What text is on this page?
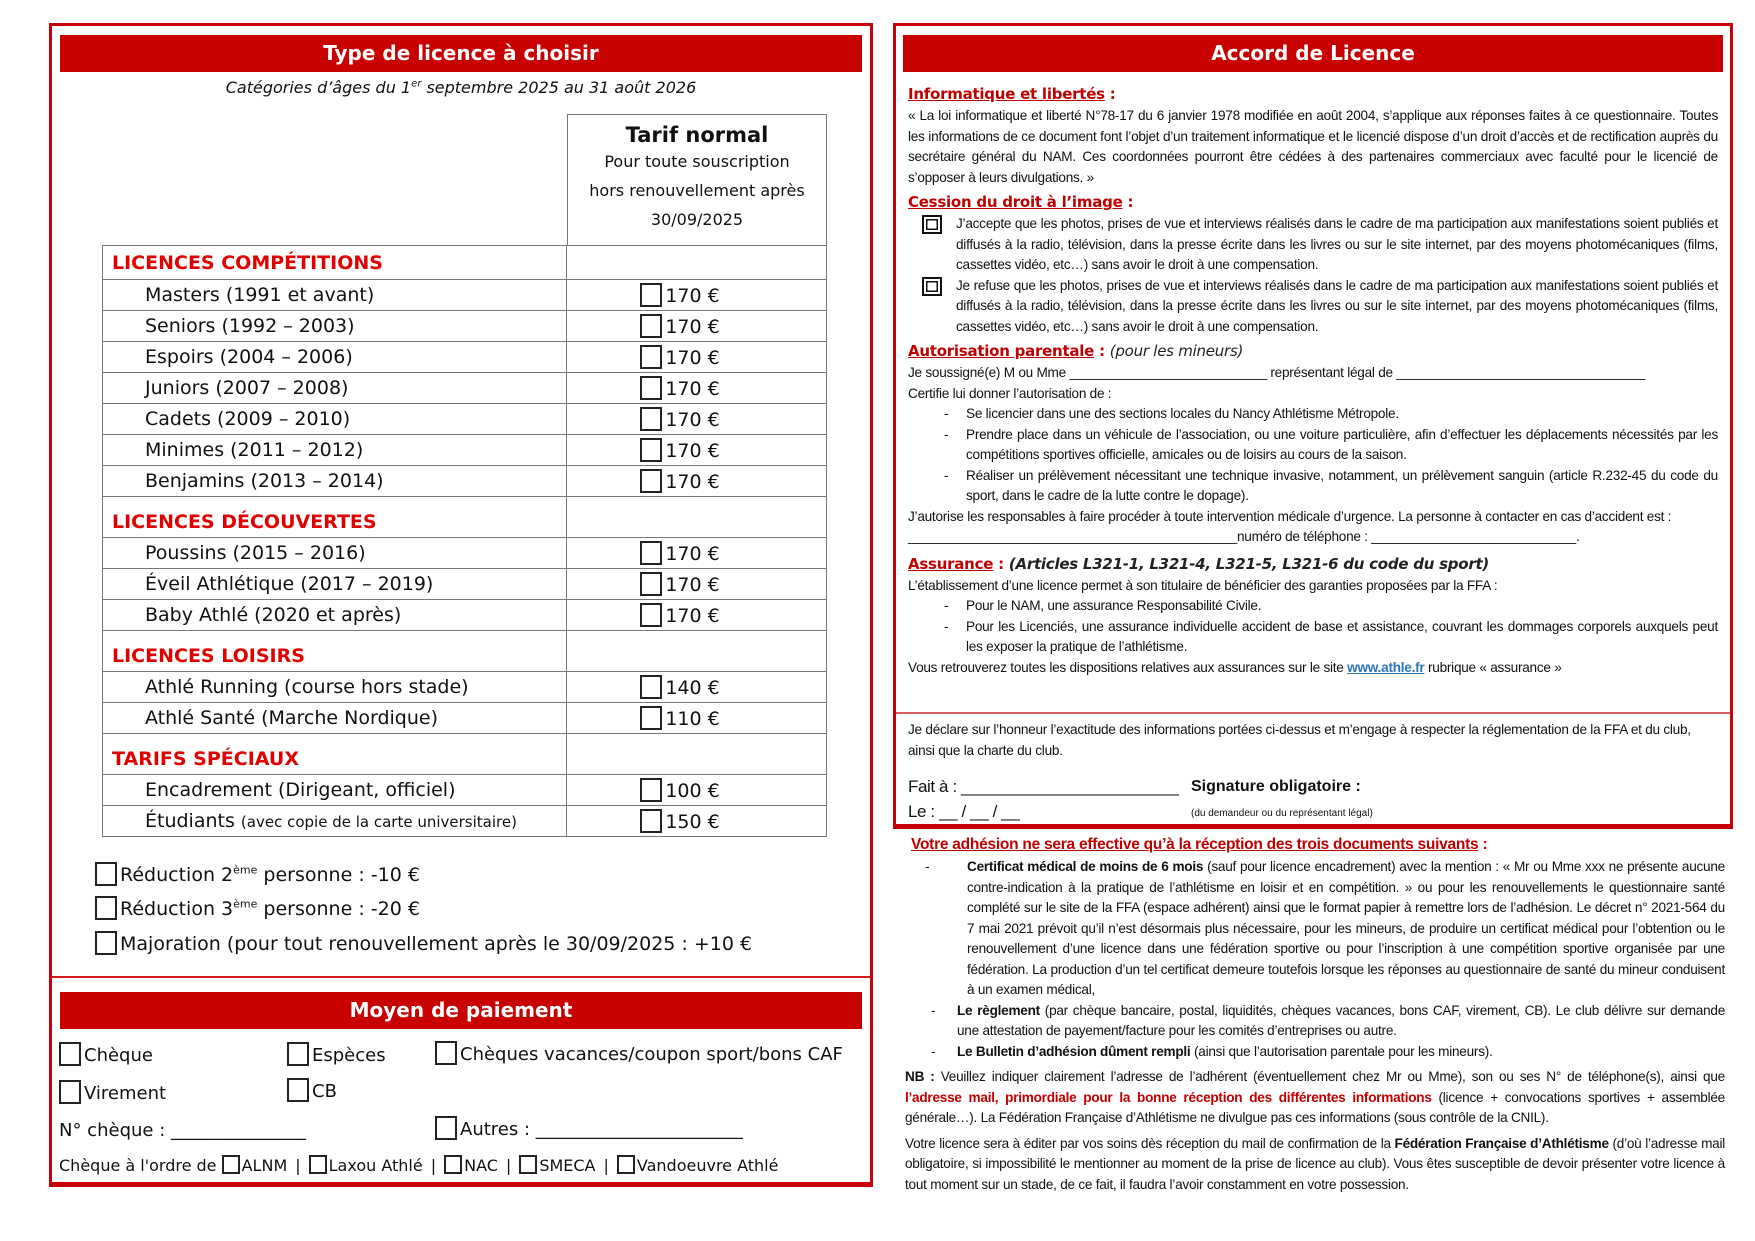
Type de licence à choisir
Catégories d’âges du 1er septembre 2025 au 31 août 2026
Tarif normal
Pour toute souscription
hors renouvellement après
30/09/2025
LICENCES COMPÉTITIONS	
Masters (1991 et avant)	170 €
Seniors (1992 – 2003)	170 €
Espoirs (2004 – 2006)	170 €
Juniors (2007 – 2008)	170 €
Cadets (2009 – 2010)	170 €
Minimes (2011 – 2012)	170 €
Benjamins (2013 – 2014)	170 €
LICENCES DÉCOUVERTES	
Poussins (2015 – 2016)	170 €
Éveil Athlétique (2017 – 2019)	170 €
Baby Athlé (2020 et après)	170 €
LICENCES LOISIRS	
Athlé Running (course hors stade)	140 €
Athlé Santé (Marche Nordique)	110 €
TARIFS SPÉCIAUX	
Encadrement (Dirigeant, officiel)	100 €
Étudiants (avec copie de la carte universitaire)	150 €
Réduction 2ème personne : -10 €
Réduction 3ème personne : -20 €
Majoration (pour tout renouvellement après le 30/09/2025 : +10 €
Moyen de paiement
Chèque	Espèces	Chèques vacances/coupon sport/bons CAF
Virement	CB
N° chèque : _______________	Autres : _______________________
Chèque à l'ordre de ALNM | Laxou Athlé | NAC | SMECA | Vandoeuvre Athlé
Accord de Licence
Informatique et libertés :
« La loi informatique et liberté N°78-17 du 6 janvier 1978 modifiée en août 2004, s’applique aux réponses faites à ce questionnaire. Toutes les informations de ce document font l’objet d’un traitement informatique et le licencié dispose d’un droit d’accès et de rectification auprès du secrétaire général du NAM. Ces coordonnées pourront être cédées à des partenaires commerciaux avec faculté pour le licencié de s’opposer à leurs divulgations. »
Cession du droit à l’image :
J’accepte que les photos, prises de vue et interviews réalisés dans le cadre de ma participation aux manifestations soient publiés et diffusés à la radio, télévision, dans la presse écrite dans les livres ou sur le site internet, par des moyens photomécaniques (films, cassettes vidéo, etc…) sans avoir le droit à une compensation.
Je refuse que les photos, prises de vue et interviews réalisés dans le cadre de ma participation aux manifestations soient publiés et diffusés à la radio, télévision, dans la presse écrite dans les livres ou sur le site internet, par des moyens photomécaniques (films, cassettes vidéo, etc…) sans avoir le droit à une compensation.
Autorisation parentale : (pour les mineurs)
Je soussigné(e) M ou Mme ___________________________ représentant légal de __________________________________
Certifie lui donner l’autorisation de :
- Se licencier dans une des sections locales du Nancy Athlétisme Métropole.
- Prendre place dans un véhicule de l’association, ou une voiture particulière, afin d’effectuer les déplacements nécessités par les compétitions sportives officielle, amicales ou de loisirs au cours de la saison.
- Réaliser un prélèvement nécessitant une technique invasive, notamment, un prélèvement sanguin (article R.232-45 du code du sport, dans le cadre de la lutte contre le dopage).
J’autorise les responsables à faire procéder à toute intervention médicale d’urgence. La personne à contacter en cas d’accident est :
_____________________________________________numéro de téléphone : ____________________________.
Assurance : (Articles L321-1, L321-4, L321-5, L321-6 du code du sport)
L’établissement d’une licence permet à son titulaire de bénéficier des garanties proposées par la FFA :
- Pour le NAM, une assurance Responsabilité Civile.
- Pour les Licenciés, une assurance individuelle accident de base et assistance, couvrant les dommages corporels auxquels peut les exposer la pratique de l’athlétisme.
Vous retrouverez toutes les dispositions relatives aux assurances sur le site www.athle.fr rubrique « assurance »
Je déclare sur l’honneur l’exactitude des informations portées ci-dessus et m’engage à respecter la réglementation de la FFA et du club, ainsi que la charte du club.
Fait à : ________________________
Le : __ / __ / __
Signature obligatoire :
(du demandeur ou du représentant légal)
Votre adhésion ne sera effective qu’à la réception des trois documents suivants :
- Certificat médical de moins de 6 mois (sauf pour licence encadrement) avec la mention : « Mr ou Mme xxx ne présente aucune contre-indication à la pratique de l’athlétisme en loisir et en compétition. » ou pour les renouvellements le questionnaire santé complété sur le site de la FFA (espace adhérent) ainsi que le format papier à remettre lors de l’adhésion. Le décret n° 2021-564 du 7 mai 2021 prévoit qu’il n’est désormais plus nécessaire, pour les mineurs, de produire un certificat médical pour l’obtention ou le renouvellement d’une licence dans une fédération sportive ou pour l’inscription à une compétition sportive organisée par une fédération. La production d’un tel certificat demeure toutefois lorsque les réponses au questionnaire de santé du mineur conduisent à un examen médical,
- Le règlement (par chèque bancaire, postal, liquidités, chèques vacances, bons CAF, virement, CB). Le club délivre sur demande une attestation de payement/facture pour les comités d’entreprises ou autre.
- Le Bulletin d’adhésion dûment rempli (ainsi que l’autorisation parentale pour les mineurs).

NB : Veuillez indiquer clairement l’adresse de l’adhérent (éventuellement chez Mr ou Mme), son ou ses N° de téléphone(s), ainsi que l’adresse mail, primordiale pour la bonne réception des différentes informations (licence + convocations sportives + assemblée générale…). La Fédération Française d’Athlétisme ne divulgue pas ces informations (sous contrôle de la CNIL).

Votre licence sera à éditer par vos soins dès réception du mail de confirmation de la Fédération Française d’Athlétisme (d’où l’adresse mail obligatoire, si impossibilité le mentionner au moment de la prise de licence au club). Vous êtes susceptible de devoir présenter votre licence à tout moment sur un stade, de ce fait, il faudra l’avoir constamment en votre possession.
